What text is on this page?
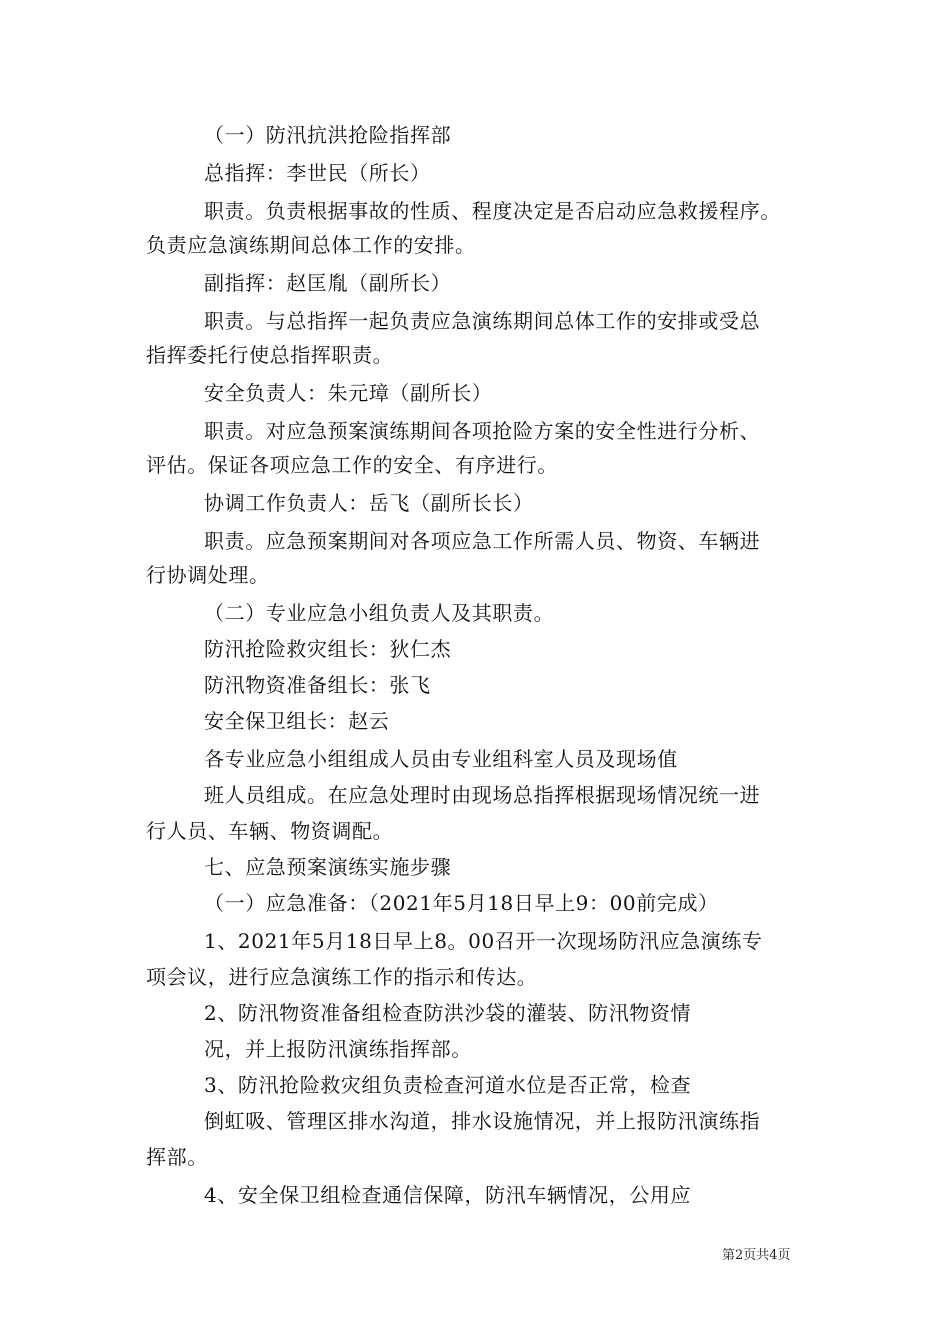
（一）防汛抗洪抢险指挥部
总指挥：李世民（所长）
职责。负责根据事故的性质、程度决定是否启动应急救援程序。
负责应急演练期间总体工作的安排。
副指挥：赵匡胤（副所长）
职责。与总指挥一起负责应急演练期间总体工作的安排或受总
指挥委托行使总指挥职责。
安全负责人：朱元璋（副所长）
职责。对应急预案演练期间各项抢险方案的安全性进行分析、
评估。保证各项应急工作的安全、有序进行。
协调工作负责人：岳飞（副所长长）
职责。应急预案期间对各项应急工作所需人员、物资、车辆进
行协调处理。
（二）专业应急小组负责人及其职责。
防汛抢险救灾组长：狄仁杰
防汛物资准备组长：张飞
安全保卫组长：赵云
各专业应急小组组成人员由专业组科室人员及现场值
班人员组成。在应急处理时由现场总指挥根据现场情况统一进
行人员、车辆、物资调配。
七、应急预案演练实施步骤
（一）应急准备：（2021年5月18日早上9：00前完成）
1、2021年5月18日早上8。00召开一次现场防汛应急演练专
项会议，进行应急演练工作的指示和传达。
2、防汛物资准备组检查防洪沙袋的灌装、防汛物资情
况，并上报防汛演练指挥部。
3、防汛抢险救灾组负责检查河道水位是否正常，检查
倒虹吸、管理区排水沟道，排水设施情况，并上报防汛演练指
挥部。
4、安全保卫组检查通信保障，防汛车辆情况，公用应
第2页共4页
